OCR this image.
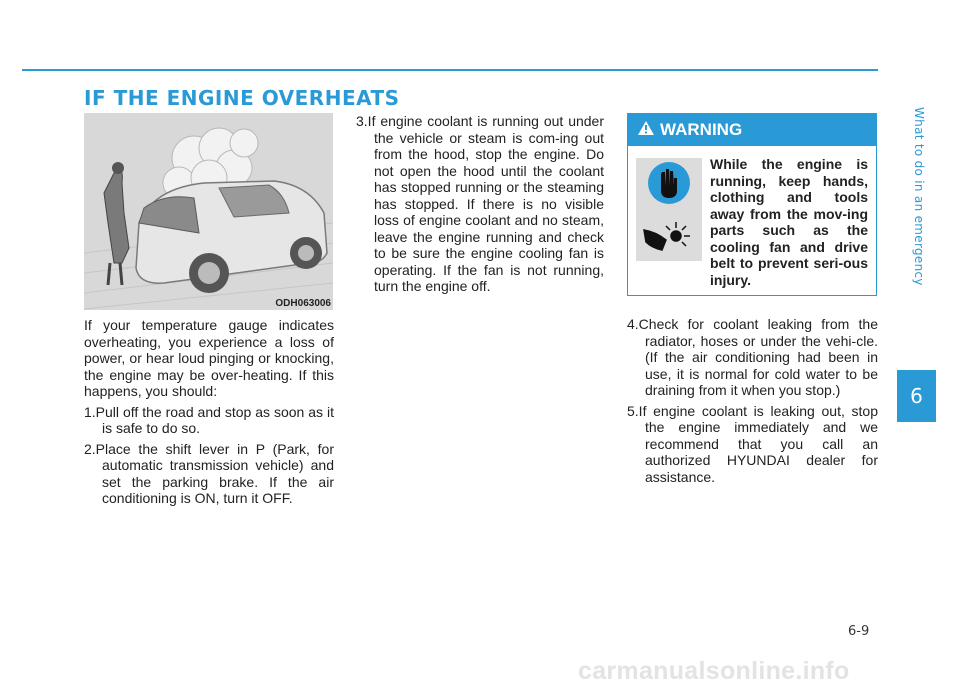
IF THE ENGINE OVERHEATS
ODH063006

If your temperature gauge indicates overheating, you experience a loss of power, or hear loud pinging or knocking, the engine may be over-heating. If this happens, you should:

1.Pull off the road and stop as soon as it is safe to do so.

2.Place the shift lever in P (Park, for automatic transmission vehicle) and set the parking brake. If the air conditioning is ON, turn it OFF.

3.If engine coolant is running out under the vehicle or steam is com-ing out from the hood, stop the engine. Do not open the hood until the coolant has stopped running or the steaming has stopped. If there is no visible loss of engine coolant and no steam, leave the engine running and check to be sure the engine cooling fan is operating. If the fan is not running, turn the engine off.

WARNING
While the engine is running, keep hands, clothing and tools away from the mov-ing parts such as the cooling fan and drive belt to prevent seri-ous injury.

4.Check for coolant leaking from the radiator, hoses or under the vehi-cle. (If the air conditioning had been in use, it is normal for cold water to be draining from it when you stop.)

5.If engine coolant is leaking out, stop the engine immediately and we recommend that you call an authorized HYUNDAI dealer for assistance.

What to do in an emergency
6
6-9
carmanualsonline.info
